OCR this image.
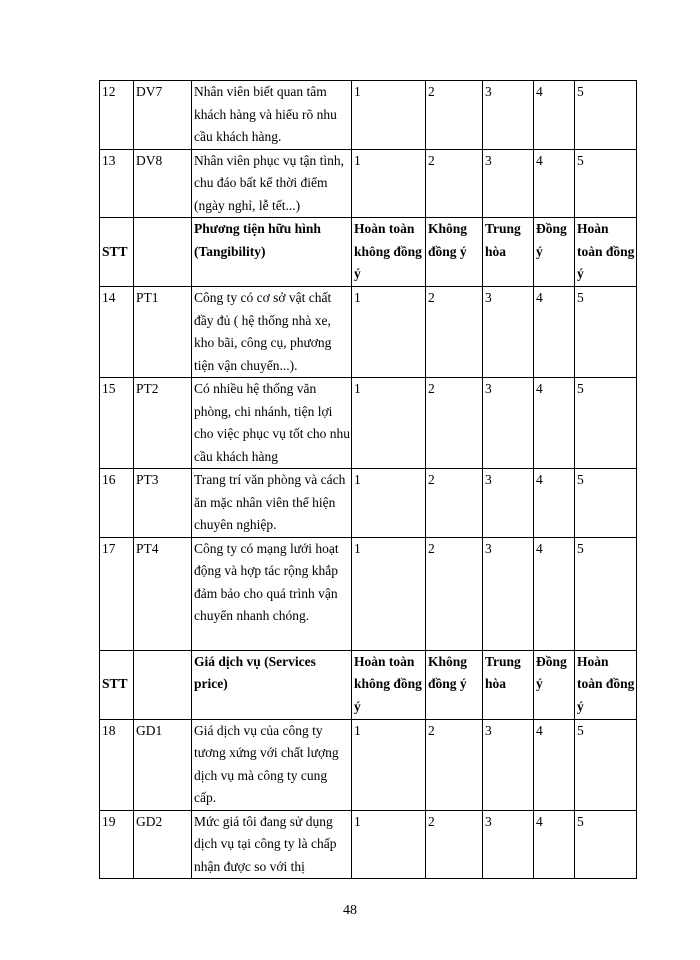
12	DV7	Nhân viên biết quan tâm khách hàng và hiểu rõ nhu cầu khách hàng.	1	2	3	4	5
13	DV8	Nhân viên phục vụ tận tình, chu đáo bất kể thời điểm (ngày nghỉ, lễ tết...)	1	2	3	4	5
STT		Phương tiện hữu hình (Tangibility)	Hoàn toàn không đồng ý	Không đồng ý	Trung hòa	Đồng ý	Hoàn toàn đồng ý
14	PT1	Công ty có cơ sở vật chất đầy đủ ( hệ thống nhà xe, kho bãi, công cụ, phương tiện vận chuyển...).	1	2	3	4	5
15	PT2	Có nhiều hệ thống văn phòng, chi nhánh, tiện lợi cho việc phục vụ tốt cho nhu cầu khách hàng	1	2	3	4	5
16	PT3	Trang trí văn phòng và cách ăn mặc nhân viên thể hiện chuyên nghiệp.	1	2	3	4	5
17	PT4	Công ty có mạng lưới hoạt động và hợp tác rộng khắp đảm bảo cho quá trình vận chuyển nhanh chóng.	1	2	3	4	5
STT		Giá dịch vụ (Services price)	Hoàn toàn không đồng ý	Không đồng ý	Trung hòa	Đồng ý	Hoàn toàn đồng ý
18	GD1	Giá dịch vụ của công ty tương xứng với chất lượng dịch vụ mà công ty cung cấp.	1	2	3	4	5
19	GD2	Mức giá tôi đang sử dụng dịch vụ tại công ty là chấp nhận được so với thị	1	2	3	4	5
48
